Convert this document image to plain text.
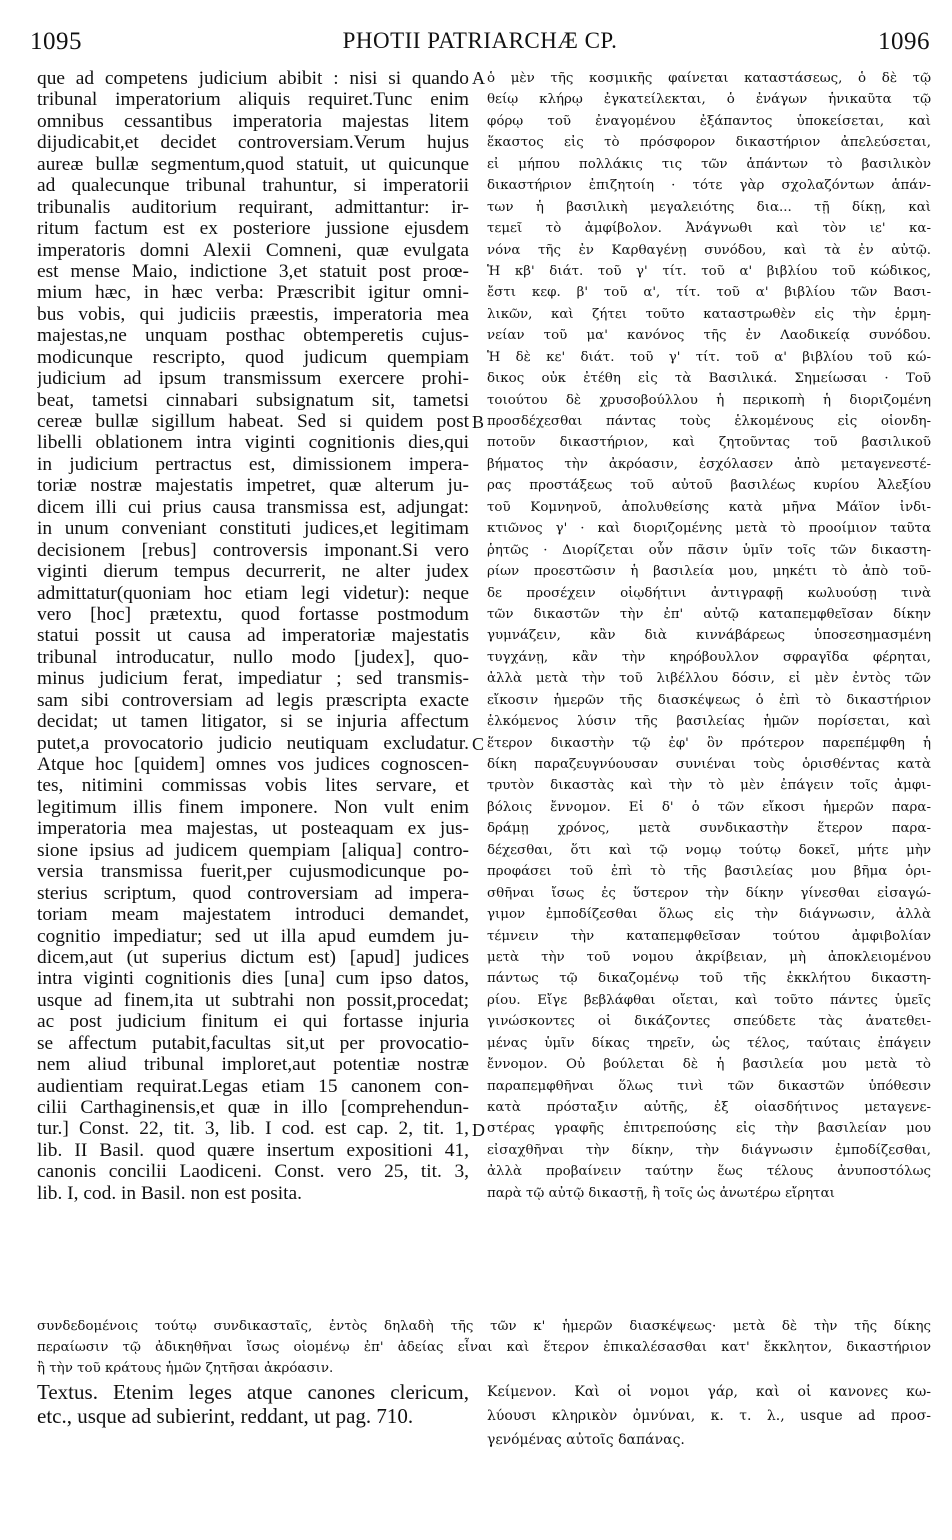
1095	PHOTII PATRIARCHÆ CP.	1096
que ad competens judicium abibit : nisi si quando
tribunal imperatorium aliquis requiret.Tunc enim
omnibus cessantibus imperatoria majestas litem
dijudicabit,et decidet controversiam.Verum hujus
aureæ bullæ segmentum,quod statuit, ut quicunque
ad qualecunque tribunal trahuntur, si imperatorii
tribunalis auditorium requirant, admittantur: ir-
ritum factum est ex posteriore jussione ejusdem
imperatoris domni Alexii Comneni, quæ evulgata
est mense Maio, indictione 3,et statuit post proœ-
mium hæc, in hæc verba: Præscribit igitur omni-
bus vobis, qui judiciis præestis, imperatoria mea
majestas,ne unquam posthac obtemperetis cujus-
modicunque rescripto, quod judicum quempiam
judicium ad ipsum transmissum exercere prohi-
beat, tametsi cinnabari subsignatum sit, tametsi
cereæ bullæ sigillum habeat. Sed si quidem post
libelli oblationem intra viginti cognitionis dies,qui
in judicium pertractus est, dimissionem impera-
toriæ nostræ majestatis impetret, quæ alterum ju-
dicem illi cui prius causa transmissa est, adjungat:
in unum conveniant constituti judices,et legitimam
decisionem [rebus] controversis imponant.Si vero
viginti dierum tempus decurrerit, ne alter judex
admittatur(quoniam hoc etiam legi videtur): neque
vero [hoc] prætextu, quod fortasse postmodum
statui possit ut causa ad imperatoriæ majestatis
tribunal introducatur, nullo modo [judex], quo-
minus judicium ferat, impediatur ; sed transmis-
sam sibi controversiam ad legis præscripta exacte
decidat; ut tamen litigator, si se injuria affectum
putet,a provocatorio judicio neutiquam excludatur.
Atque hoc [quidem] omnes vos judices cognoscen-
tes, nitimini commissas vobis lites servare, et
legitimum illis finem imponere. Non vult enim
imperatoria mea majestas, ut posteaquam ex jus-
sione ipsius ad judicem quempiam [aliqua] contro-
versia transmissa fuerit,per cujusmodicunque po-
sterius scriptum, quod controversiam ad impera-
toriam meam majestatem introduci demandet,
cognitio impediatur; sed ut illa apud eumdem ju-
dicem,aut (ut superius dictum est) [apud] judices
intra viginti cognitionis dies [una] cum ipso datos,
usque ad finem,ita ut subtrahi non possit,procedat;
ac post judicium finitum ei qui fortasse injuria
se affectum putabit,facultas sit,ut per provocatio-
nem aliud tribunal imploret,aut potentiæ nostræ
audientiam requirat.Legas etiam 15 canonem con-
cilii Carthaginensis,et quæ in illo [comprehendun-
tur.] Const. 22, tit. 3, lib. I cod. est cap. 2, tit. 1,
lib. II Basil. quod quære insertum expositioni 41,
canonis concilii Laodiceni. Const. vero 25, tit. 3,
lib. I, cod. in Basil. non est posita.
ὁ μὲν τῆς κοσμικῆς φαίνεται καταστάσεως, ὁ δὲ τῷ
θείῳ κλήρῳ ἐγκατείλεκται, ὁ ἐνάγων ἡνικαῦτα τῷ
φόρῳ τοῦ ἐναγομένου ἐξάπαντος ὑποκείσεται, καὶ
ἕκαστος εἰς τὸ πρόσφορον δικαστήριον ἀπελεύσεται,
εἰ μήπου πολλάκις τις τῶν ἁπάντων τὸ βασιλικὸν
δικαστήριον ἐπιζητοίη · τότε γὰρ σχολαζόντων ἁπάν-
των ἡ βασιλικὴ μεγαλειότης δια... τῇ δίκῃ, καὶ
τεμεῖ τὸ ἀμφίβολον. Ἀνάγνωθι καὶ τὸν ιε' κα-
νόνα τῆς ἐν Καρθαγένῃ συνόδου, καὶ τὰ ἐν αὐτῷ.
Ἡ κβ' διάτ. τοῦ γ' τίτ. τοῦ α' βιβλίου τοῦ κώδικος,
ἔστι κεφ. β' τοῦ α', τίτ. τοῦ α' βιβλίου τῶν Βασι-
λικῶν, καὶ ζήτει τοῦτο καταστρωθὲν εἰς τὴν ἑρμη-
νείαν τοῦ μα' κανόνος τῆς ἐν Λαοδικείᾳ συνόδου.
Ἡ δὲ κε' διάτ. τοῦ γ' τίτ. τοῦ α' βιβλίου τοῦ κώ-
δικος οὐκ ἐτέθη εἰς τὰ Βασιλικά. Σημείωσαι · Τοῦ
τοιούτου δὲ χρυσοβούλλου ἡ περικοπὴ ἡ διοριζομένη
προσδέχεσθαι πάντας τοὺς ἑλκομένους εἰς οἱονδη-
ποτοῦν δικαστήριον, καὶ ζητοῦντας τοῦ βασιλικοῦ
βήματος τὴν ἀκρόασιν, ἐσχόλασεν ἀπὸ μεταγενεστέ-
ρας προστάξεως τοῦ αὐτοῦ βασιλέως κυρίου Ἀλεξίου
τοῦ Κομνηνοῦ, ἀπολυθείσης κατὰ μῆνα Μάϊον ἰνδι-
κτιῶνος γ' · καὶ διοριζομένης μετὰ τὸ προοίμιον ταῦτα
ῥητῶς · Διορίζεται οὖν πᾶσιν ὑμῖν τοῖς τῶν δικαστη-
ρίων προεστῶσιν ἡ βασιλεία μου, μηκέτι τὸ ἀπὸ τοῦ-
δε προσέχειν οἱῳδήτινι ἀντιγραφῇ κωλυούσῃ τινὰ
τῶν δικαστῶν τὴν ἐπ' αὐτῷ καταπεμφθεῖσαν δίκην
γυμνάζειν, κἂν διὰ κιννάβάρεως ὑποσεσημασμένη
τυγχάνῃ, κἂν τὴν κηρόβουλλον σφραγῖδα φέρηται,
ἀλλὰ μετὰ τὴν τοῦ λιβέλλου δόσιν, εἰ μὲν ἐντὸς τῶν
εἴκοσιν ἡμερῶν τῆς διασκέψεως ὁ ἐπὶ τὸ δικαστήριον
ἑλκόμενος λύσιν τῆς βασιλείας ἡμῶν πορίσεται, καὶ
ἕτερον δικαστὴν τῷ ἐφ' ὃν πρότερον παρεπέμφθη ἡ
δίκη παραζευγνύουσαν συνιέναι τοὺς ὁρισθέντας κατὰ
τρυτὸν δικαστὰς καὶ τὴν τὸ μὲν ἐπάγειν τοῖς ἀμφι-
βόλοις ἔννομον. Εἰ δ' ὁ τῶν εἴκοσι ἡμερῶν παρα-
δράμῃ χρόνος, μετὰ συνδικαστὴν ἕτερον παρα-
δέχεσθαι, ὅτι καὶ τῷ νομῳ τούτῳ δοκεῖ, μήτε μὴν
προφάσει τοῦ ἐπὶ τὸ τῆς βασιλείας μου βῆμα ὁρι-
σθῆναι ἴσως ἐς ὕστερον τὴν δίκην γίνεσθαι εἰσαγώ-
γιμον ἐμποδίζεσθαι ὅλως εἰς τὴν διάγνωσιν, ἀλλὰ
τέμνειν τὴν καταπεμφθεῖσαν τούτου ἀμφιβολίαν
μετὰ τὴν τοῦ νομου ἀκρίβειαν, μὴ ἀποκλειομένου
πάντως τῷ δικαζομένῳ τοῦ τῆς ἐκκλήτου δικαστη-
ρίου. Εἴγε βεβλάφθαι οἴεται, καὶ τοῦτο πάντες ὑμεῖς
γινώσκοντες οἱ δικάζοντες σπεύδετε τὰς ἀνατεθει-
μένας ὑμῖν δίκας τηρεῖν, ὡς τέλος, ταύταις ἐπάγειν
ἔννομον. Οὐ βούλεται δὲ ἡ βασιλεία μου μετὰ τὸ
παραπεμφθῆναι ὅλως τινὶ τῶν δικαστῶν ὑπόθεσιν
κατὰ πρόσταξιν αὐτῆς, ἐξ οἱασδήτινος μεταγενε-
στέρας γραφῆς ἐπιτρεπούσης εἰς τὴν βασιλείαν μου
εἰσαχθῆναι τὴν δίκην, τὴν διάγνωσιν ἐμποδίζεσθαι,
ἀλλὰ προβαίνειν ταύτην ἕως τέλους ἀνυποστόλως
παρὰ τῷ αὐτῷ δικαστῇ, ἢ τοῖς ὡς ἀνωτέρω εἴρηται
A
B
C
D
συνδεδομένοις τούτῳ συνδικασταῖς, ἐντὸς δηλαδὴ τῆς τῶν κ' ἡμερῶν διασκέψεως· μετὰ δὲ τὴν τῆς δίκης
περαίωσιν τῷ ἀδικηθῆναι ἴσως οἰομένῳ ἐπ' ἀδείας εἶναι καὶ ἕτερον ἐπικαλέσασθαι κατ' ἔκκλητον, δικαστήριον
ἢ τὴν τοῦ κράτους ἡμῶν ζητῆσαι ἀκρόασιν.
Textus. Etenim leges atque canones clericum,
etc., usque ad subierint, reddant, ut pag. 710.
Κείμενον. Καὶ οἱ νομοι γάρ, καὶ οἱ κανονες κω-
λύουσι κληρικὸν ὀμνύναι, κ. τ. λ., usque ad προσ-
γενόμένας αὐτοῖς δαπάνας.
